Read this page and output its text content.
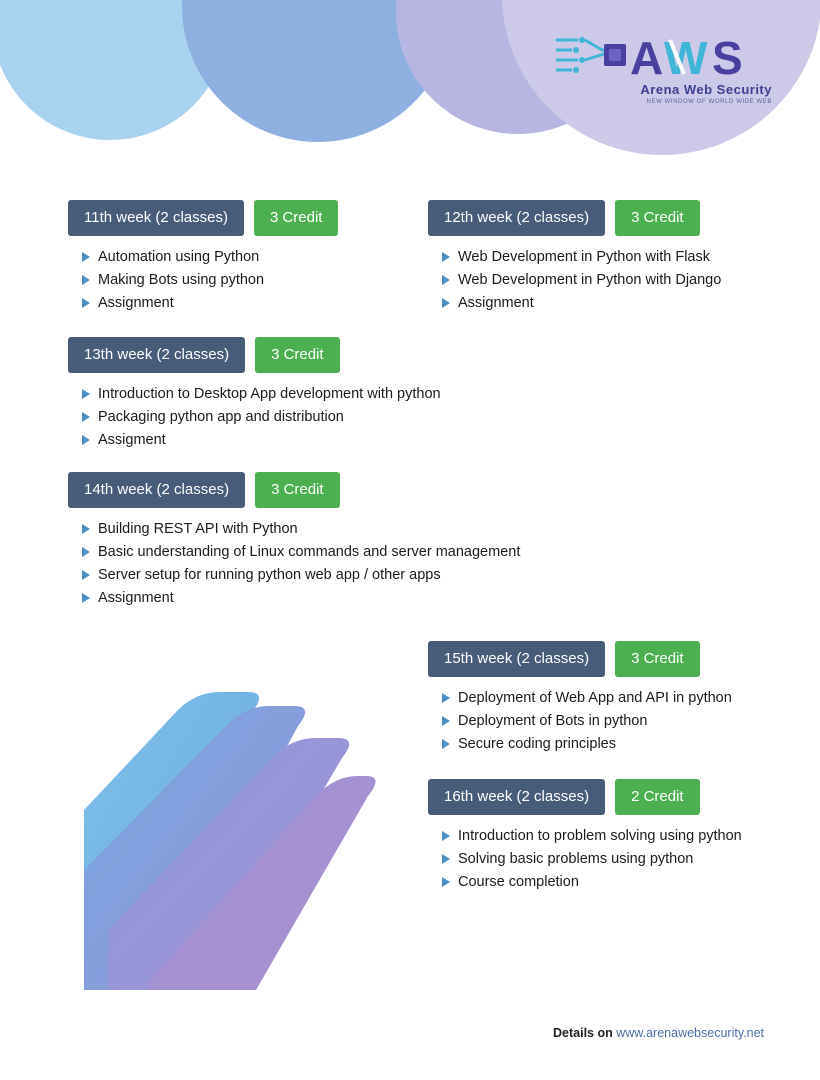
A W S
Arena Web Security
NEW WINDOW OF WORLD WIDE WEB
11th week (2 classes)	3 Credit
Automation using Python
Making Bots using python
Assignment
12th week (2 classes)	3 Credit
Web Development in Python with Flask
Web Development in Python with Django
Assignment
13th week (2 classes)	3 Credit
Introduction to Desktop App development with python
Packaging python app and distribution
Assigment
14th week (2 classes)	3 Credit
Building REST API with Python
Basic understanding of Linux commands and server management
Server setup for running python web app / other apps
Assignment
15th week (2 classes)	3 Credit
Deployment of Web App and API in python
Deployment of Bots in python
Secure coding principles
16th week (2 classes)	2 Credit
Introduction to problem solving using python
Solving basic problems using python
Course completion
Details on www.arenawebsecurity.net
